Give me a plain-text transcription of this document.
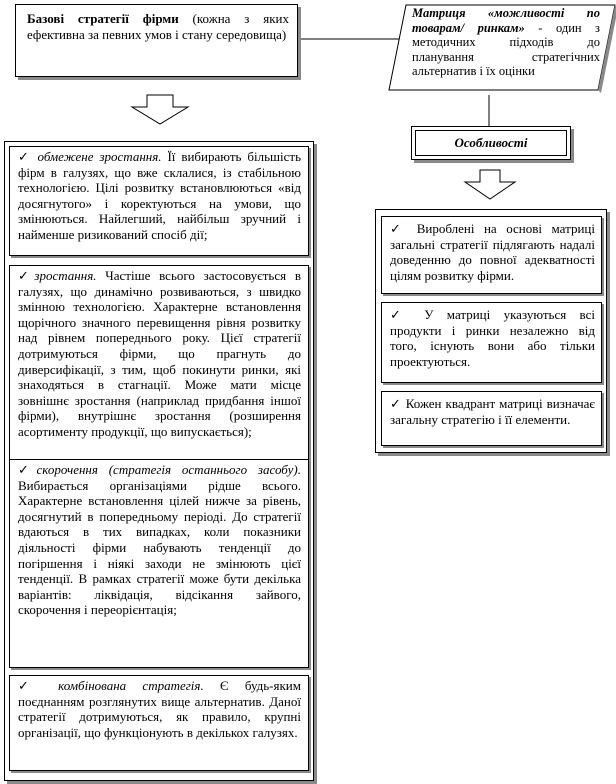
Базові стратегії фірми (кожна з яких ефективна за певних умов і стану середовища)
Матриця «можливості по товарам/ ринкам» - один з методичних підходів до планування стратегічних альтернатив і їх оцінки
Особливості
✓ обмежене зростання. Її вибирають більшість фірм в галузях, що вже склалися, із стабільною технологією. Цілі розвитку встановлюються «від досягнутого» і коректуються на умови, що змінюються. Найлегший, найбільш зручний і найменше ризикований спосіб дії;
✓зростання. Частіше всього застосовується в галузях, що динамічно розвиваються, з швидко змінною технологією. Характерне встановлення щорічного значного перевищення рівня розвитку над рівнем попереднього року. Цієї стратегії дотримуються фірми, що прагнуть до диверсифікації, з тим, щоб покинути ринки, які знаходяться в стагнації. Може мати місце зовнішнє зростання (наприклад придбання іншої фірми), внутрішнє зростання (розширення асортименту продукції, що випускається);
✓скорочення (стратегія останнього засобу). Вибирається організаціями рідше всього. Характерне встановлення цілей нижче за рівень, досягнутий в попередньому періоді. До стратегії вдаються в тих випадках, коли показники діяльності фірми набувають тенденції до погіршення і ніякі заходи не змінюють цієї тенденції. В рамках стратегії може бути декілька варіантів: ліквідація, відсікання зайвого, скорочення і переорієнтація;
✓ комбінована стратегія. Є будь-яким поєднанням розглянутих вище альтернатив. Даної стратегії дотримуються, як правило, крупні організації, що функціонують в декількох галузях.
✓ Вироблені на основі матриці загальні стратегії підлягають надалі доведенню до повної адекватності цілям розвитку фірми.
✓ У матриці указуються всі продукти і ринки незалежно від того, існують вони або тільки проектуються.
✓ Кожен квадрант матриці визначає загальну стратегію і її елементи.
